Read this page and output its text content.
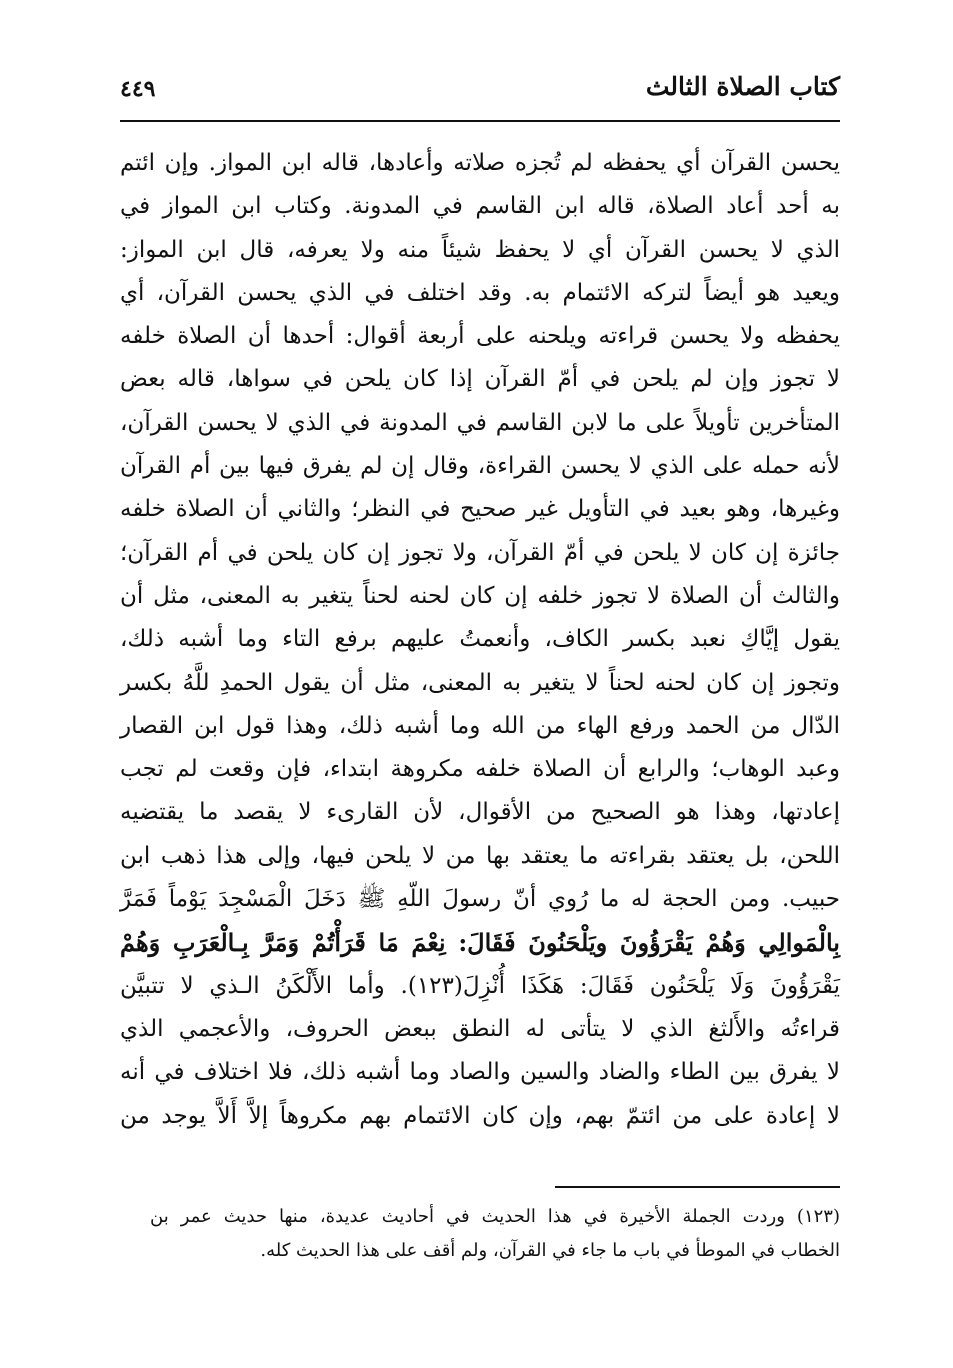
كتاب الصلاة الثالث
٤٤٩
يحسن القرآن أي يحفظه لم تُجزه صلاته وأعادها، قاله ابن المواز. وإن ائتم
به أحد أعاد الصلاة، قاله ابن القاسم في المدونة. وكتاب ابن المواز في
الذي لا يحسن القرآن أي لا يحفظ شيئاً منه ولا يعرفه، قال ابن المواز:
ويعيد هو أيضاً لتركه الائتمام به. وقد اختلف في الذي يحسن القرآن، أي
يحفظه ولا يحسن قراءته ويلحنه على أربعة أقوال: أحدها أن الصلاة خلفه
لا تجوز وإن لم يلحن في أمّ القرآن إذا كان يلحن في سواها، قاله بعض
المتأخرين تأويلاً على ما لابن القاسم في المدونة في الذي لا يحسن القرآن،
لأنه حمله على الذي لا يحسن القراءة، وقال إن لم يفرق فيها بين أم القرآن
وغيرها، وهو بعيد في التأويل غير صحيح في النظر؛ والثاني أن الصلاة خلفه
جائزة إن كان لا يلحن في أمّ القرآن، ولا تجوز إن كان يلحن في أم القرآن؛
والثالث أن الصلاة لا تجوز خلفه إن كان لحنه لحناً يتغير به المعنى، مثل أن
يقول إيَّاكِ نعبد بكسر الكاف، وأنعمتُ عليهم برفع التاء وما أشبه ذلك،
وتجوز إن كان لحنه لحناً لا يتغير به المعنى، مثل أن يقول الحمدِ للَّهُ بكسر
الدّال من الحمد ورفع الهاء من الله وما أشبه ذلك، وهذا قول ابن القصار
وعبد الوهاب؛ والرابع أن الصلاة خلفه مكروهة ابتداء، فإن وقعت لم تجب
إعادتها، وهذا هو الصحيح من الأقوال، لأن القارىء لا يقصد ما يقتضيه
اللحن، بل يعتقد بقراءته ما يعتقد بها من لا يلحن فيها، وإلى هذا ذهب ابن
حبيب. ومن الحجة له ما رُوي أنّ رسولَ اللّهِ ﷺ دَخَلَ الْمَسْجِدَ يَوْماً فَمَرَّ
بِالْمَوالِي وَهُمْ يَقْرَؤُونَ ويَلْحَنُونَ فَقَالَ: نِعْمَ مَا قَرَأْتُمْ وَمَرَّ بِـالْعَرَبِ وَهُمْ
يَقْرَؤُونَ وَلَا يَلْحَنُون فَقَالَ: هَكَذَا أُنْزِلَ(١٢٣). وأما الأَلْكَنُ الـذي لا تتبيَّن
قراءتُه والأَلثغ الذي لا يتأتى له النطق ببعض الحروف، والأعجمي الذي
لا يفرق بين الطاء والضاد والسين والصاد وما أشبه ذلك، فلا اختلاف في أنه
لا إعادة على من ائتمّ بهم، وإن كان الائتمام بهم مكروهاً إلاَّ أَلاَّ يوجد من
(١٢٣) وردت الجملة الأخيرة في هذا الحديث في أحاديث عديدة، منها حديث عمر بن
الخطاب في الموطأ في باب ما جاء في القرآن، ولم أقف على هذا الحديث كله.
